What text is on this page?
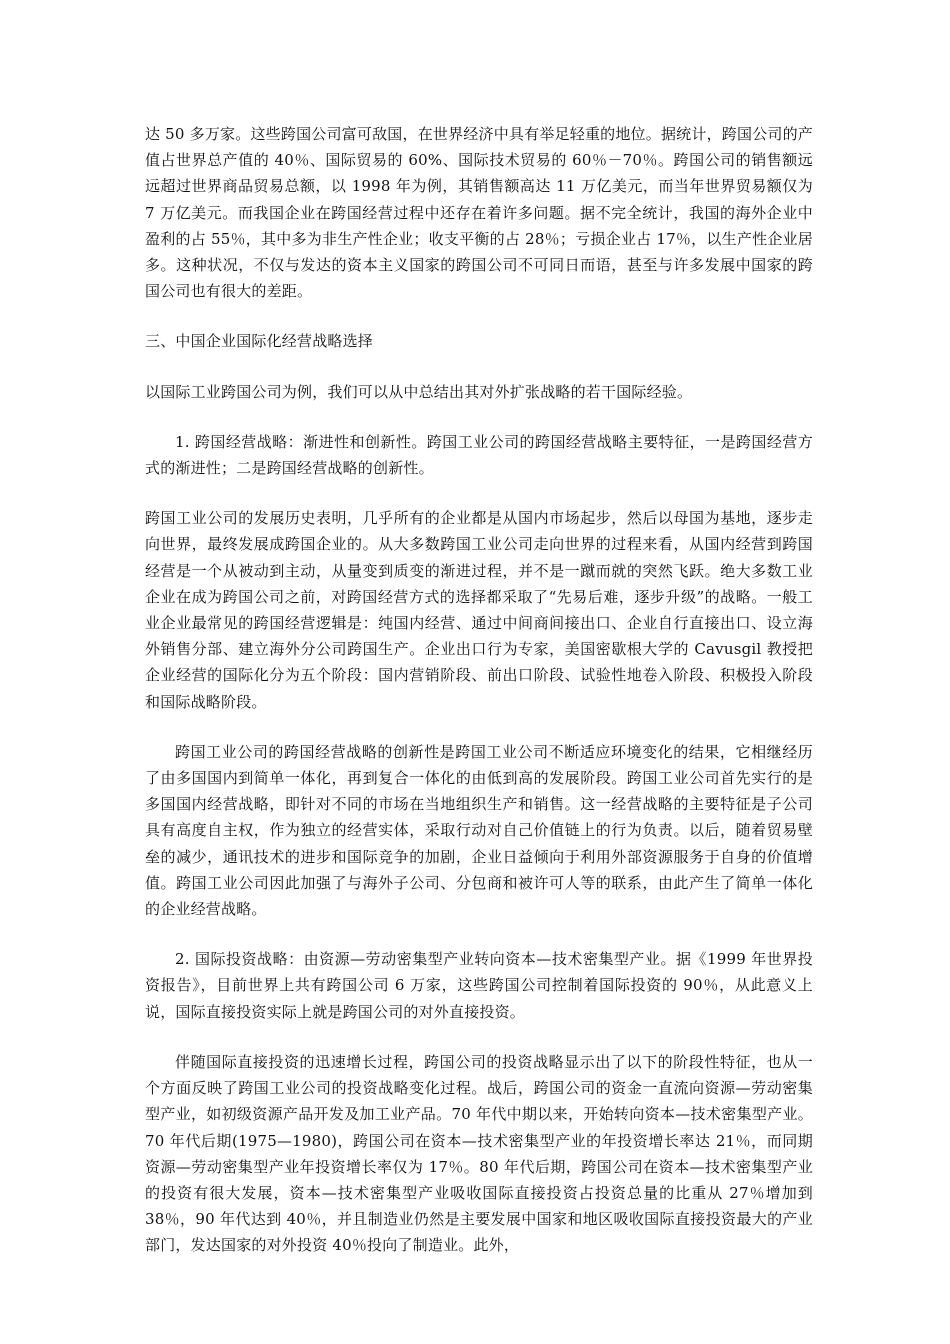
达 50 多万家。这些跨国公司富可敌国，在世界经济中具有举足轻重的地位。据统计，跨国公司的产值占世界总产值的 40％、国际贸易的 60%、国际技术贸易的 60％－70％。跨国公司的销售额远远超过世界商品贸易总额，以 1998 年为例，其销售额高达 11 万亿美元，而当年世界贸易额仅为 7 万亿美元。而我国企业在跨国经营过程中还存在着许多问题。据不完全统计，我国的海外企业中盈利的占 55％，其中多为非生产性企业；收支平衡的占 28％；亏损企业占 17％，以生产性企业居多。这种状况，不仅与发达的资本主义国家的跨国公司不可同日而语，甚至与许多发展中国家的跨国公司也有很大的差距。

三、中国企业国际化经营战略选择

以国际工业跨国公司为例，我们可以从中总结出其对外扩张战略的若干国际经验。

1. 跨国经营战略：渐进性和创新性。跨国工业公司的跨国经营战略主要特征，一是跨国经营方式的渐进性；二是跨国经营战略的创新性。

跨国工业公司的发展历史表明，几乎所有的企业都是从国内市场起步，然后以母国为基地，逐步走向世界，最终发展成跨国企业的。从大多数跨国工业公司走向世界的过程来看，从国内经营到跨国经营是一个从被动到主动，从量变到质变的渐进过程，并不是一蹴而就的突然飞跃。绝大多数工业企业在成为跨国公司之前，对跨国经营方式的选择都采取了“先易后难，逐步升级”的战略。一般工业企业最常见的跨国经营逻辑是：纯国内经营、通过中间商间接出口、企业自行直接出口、设立海外销售分部、建立海外分公司跨国生产。企业出口行为专家，美国密歇根大学的 Cavusgil 教授把企业经营的国际化分为五个阶段：国内营销阶段、前出口阶段、试验性地卷入阶段、积极投入阶段和国际战略阶段。

跨国工业公司的跨国经营战略的创新性是跨国工业公司不断适应环境变化的结果，它相继经历了由多国国内到简单一体化，再到复合一体化的由低到高的发展阶段。跨国工业公司首先实行的是多国国内经营战略，即针对不同的市场在当地组织生产和销售。这一经营战略的主要特征是子公司具有高度自主权，作为独立的经营实体，采取行动对自己价值链上的行为负责。以后，随着贸易壁垒的减少，通讯技术的进步和国际竞争的加剧，企业日益倾向于利用外部资源服务于自身的价值增值。跨国工业公司因此加强了与海外子公司、分包商和被许可人等的联系，由此产生了简单一体化的企业经营战略。

2. 国际投资战略：由资源—劳动密集型产业转向资本—技术密集型产业。据《1999 年世界投资报告》，目前世界上共有跨国公司 6 万家，这些跨国公司控制着国际投资的 90％，从此意义上说，国际直接投资实际上就是跨国公司的对外直接投资。

伴随国际直接投资的迅速增长过程，跨国公司的投资战略显示出了以下的阶段性特征，也从一个方面反映了跨国工业公司的投资战略变化过程。战后，跨国公司的资金一直流向资源—劳动密集型产业，如初级资源产品开发及加工业产品。70 年代中期以来，开始转向资本—技术密集型产业。70 年代后期(1975—1980)，跨国公司在资本—技术密集型产业的年投资增长率达 21％，而同期资源—劳动密集型产业年投资增长率仅为 17％。80 年代后期，跨国公司在资本—技术密集型产业的投资有很大发展，资本—技术密集型产业吸收国际直接投资占投资总量的比重从 27％增加到 38％，90 年代达到 40％，并且制造业仍然是主要发展中国家和地区吸收国际直接投资最大的产业部门，发达国家的对外投资 40％投向了制造业。此外，
